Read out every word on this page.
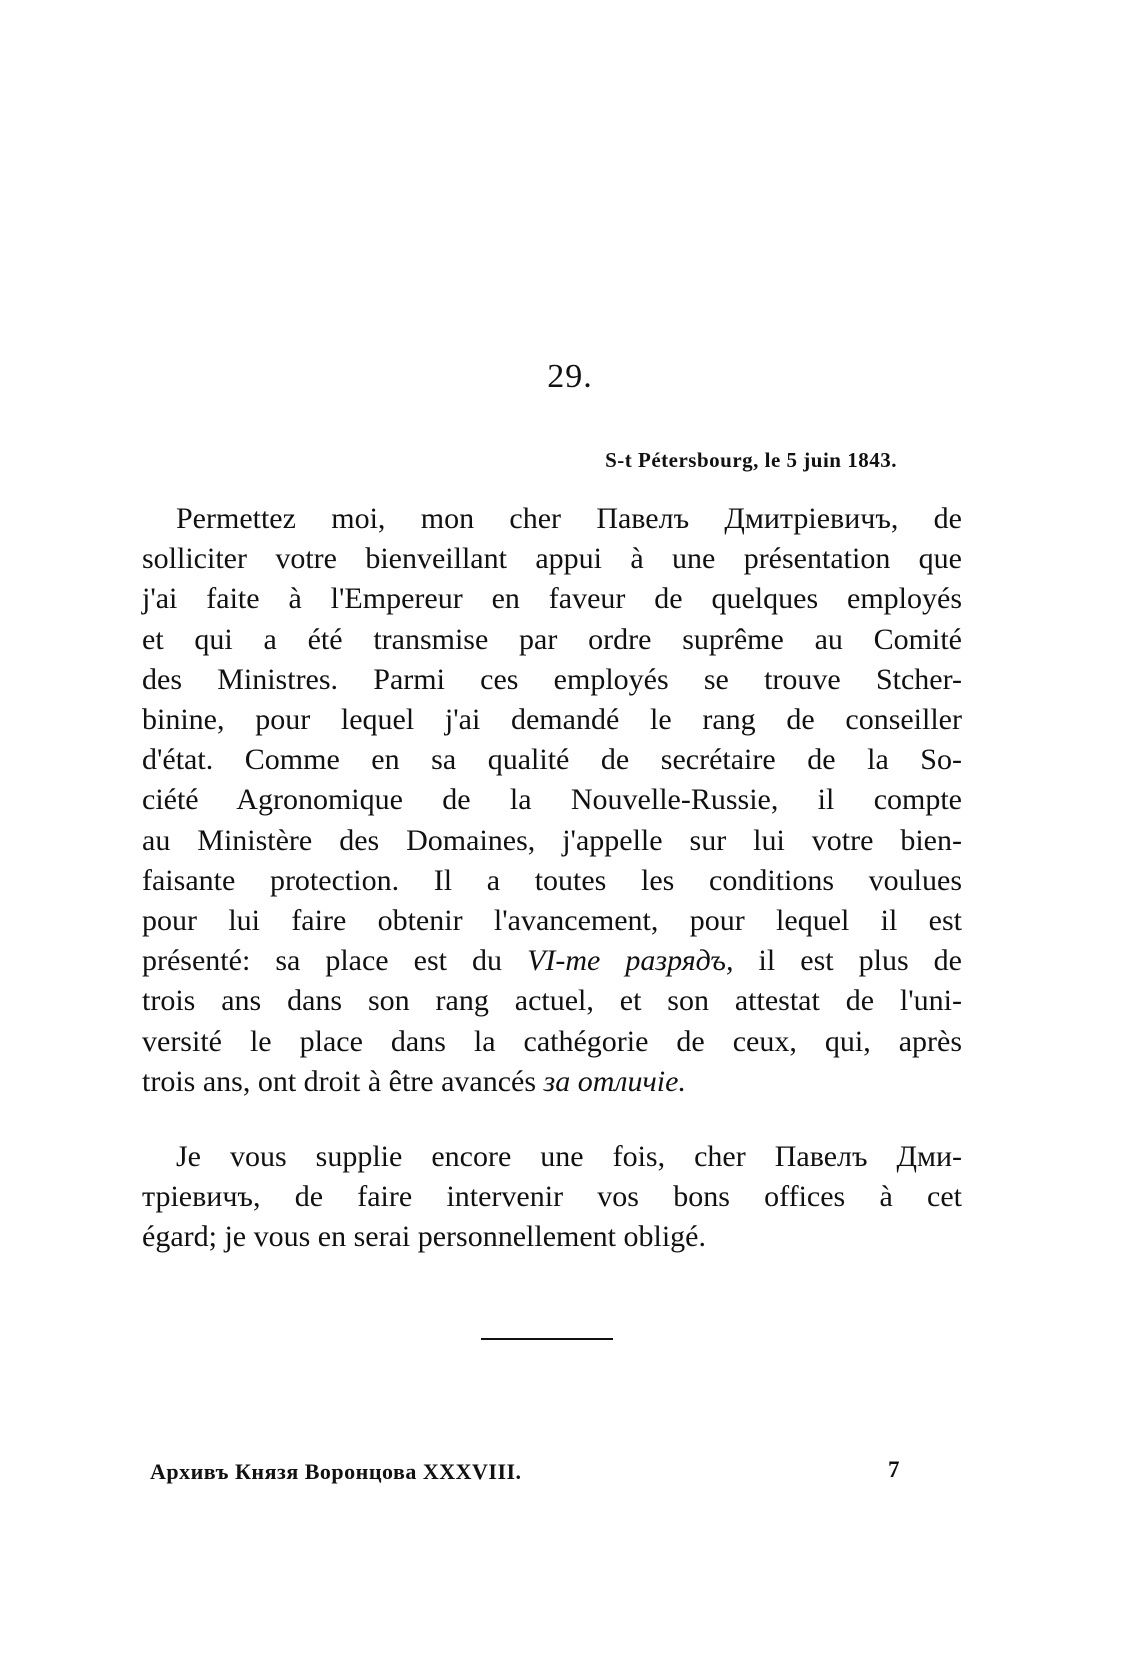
29.
S-t Pétersbourg, le 5 juin 1843.
Permettez moi, mon cher Павелъ Дмитріевичъ, de
solliciter votre bienveillant appui à une présentation que
j'ai faite à l'Empereur en faveur de quelques employés
et qui a été transmise par ordre suprême au Comité
des Ministres. Parmi ces employés se trouve Stcher-
binine, pour lequel j'ai demandé le rang de conseiller
d'état. Comme en sa qualité de secrétaire de la So-
ciété Agronomique de la Nouvelle-Russie, il compte
au Ministère des Domaines, j'appelle sur lui votre bien-
faisante protection. Il a toutes les conditions voulues
pour lui faire obtenir l'avancement, pour lequel il est
présenté: sa place est du VI-те разрядъ, il est plus de
trois ans dans son rang actuel, et son attestat de l'uni-
versité le place dans la cathégorie de ceux, qui, après
trois ans, ont droit à être avancés за отличіе.
Je vous supplie encore une fois, cher Павелъ Дми-
тріевичъ, de faire intervenir vos bons offices à cet
égard; je vous en serai personnellement obligé.
Архивъ Князя Воронцова XXXVIII.	7
